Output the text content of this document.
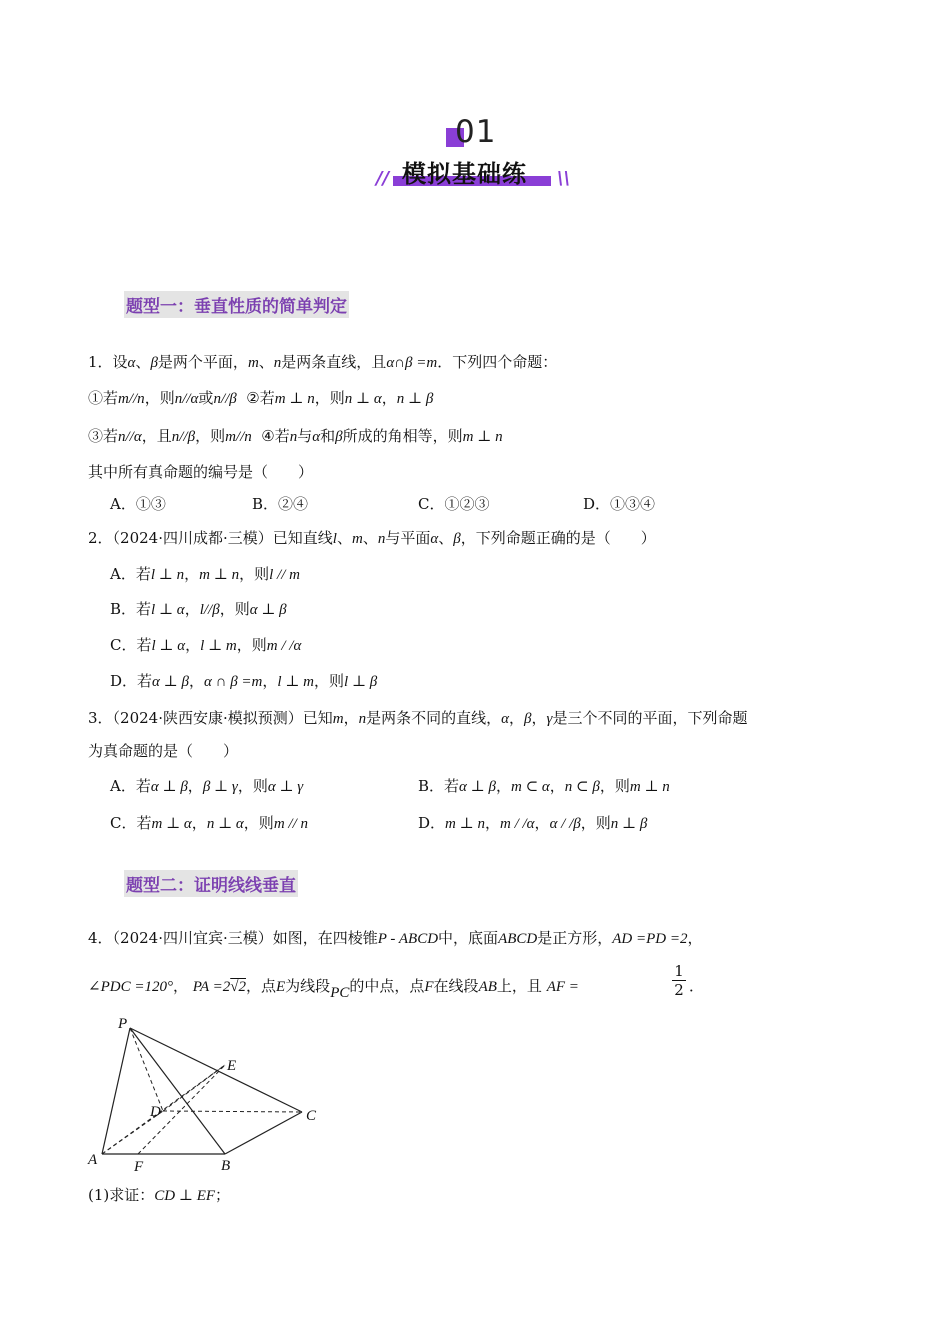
01
//	\\
模拟基础练
题型一：垂直性质的简单判定
1．设α、β是两个平面，m、n是两条直线，且α∩β =m．下列四个命题：
①若m//n，则n//α或n//β ②若m ⊥ n，则n ⊥ α，n ⊥ β
③若n//α，且n//β，则m//n ④若n与α和β所成的角相等，则m ⊥ n
其中所有真命题的编号是（　　）
A．①③	B．②④	C．①②③	D．①③④
2．（2024·四川成都·三模）已知直线l、m、n与平面α、β，下列命题正确的是（　　）
A．若l ⊥ n，m ⊥ n，则l // m
B．若l ⊥ α，l//β，则α ⊥ β
C．若l ⊥ α，l ⊥ m，则m / /α
D．若α ⊥ β，α ∩ β =m，l ⊥ m，则l ⊥ β
3．（2024·陕西安康·模拟预测）已知m，n是两条不同的直线，α，β，γ是三个不同的平面，下列命题
为真命题的是（　　）
A．若α ⊥ β，β ⊥ γ，则α ⊥ γ	B．若α ⊥ β，m ⊂ α，n ⊂ β，则m ⊥ n
C．若m ⊥ α，n ⊥ α，则m // n	D．m ⊥ n，m / /α，α / /β，则n ⊥ β
题型二：证明线线垂直
4．（2024·四川宜宾·三模）如图，在四棱锥P - ABCD中，底面ABCD是正方形，AD =PD =2，
∠PDC =120°， PA =2√2，点E为线段PC的中点，点F在线段AB上，且 AF =	$\frac{1}{2}$ ．
P
E
D	C
A F	B
(1)求证：CD ⊥ EF；
